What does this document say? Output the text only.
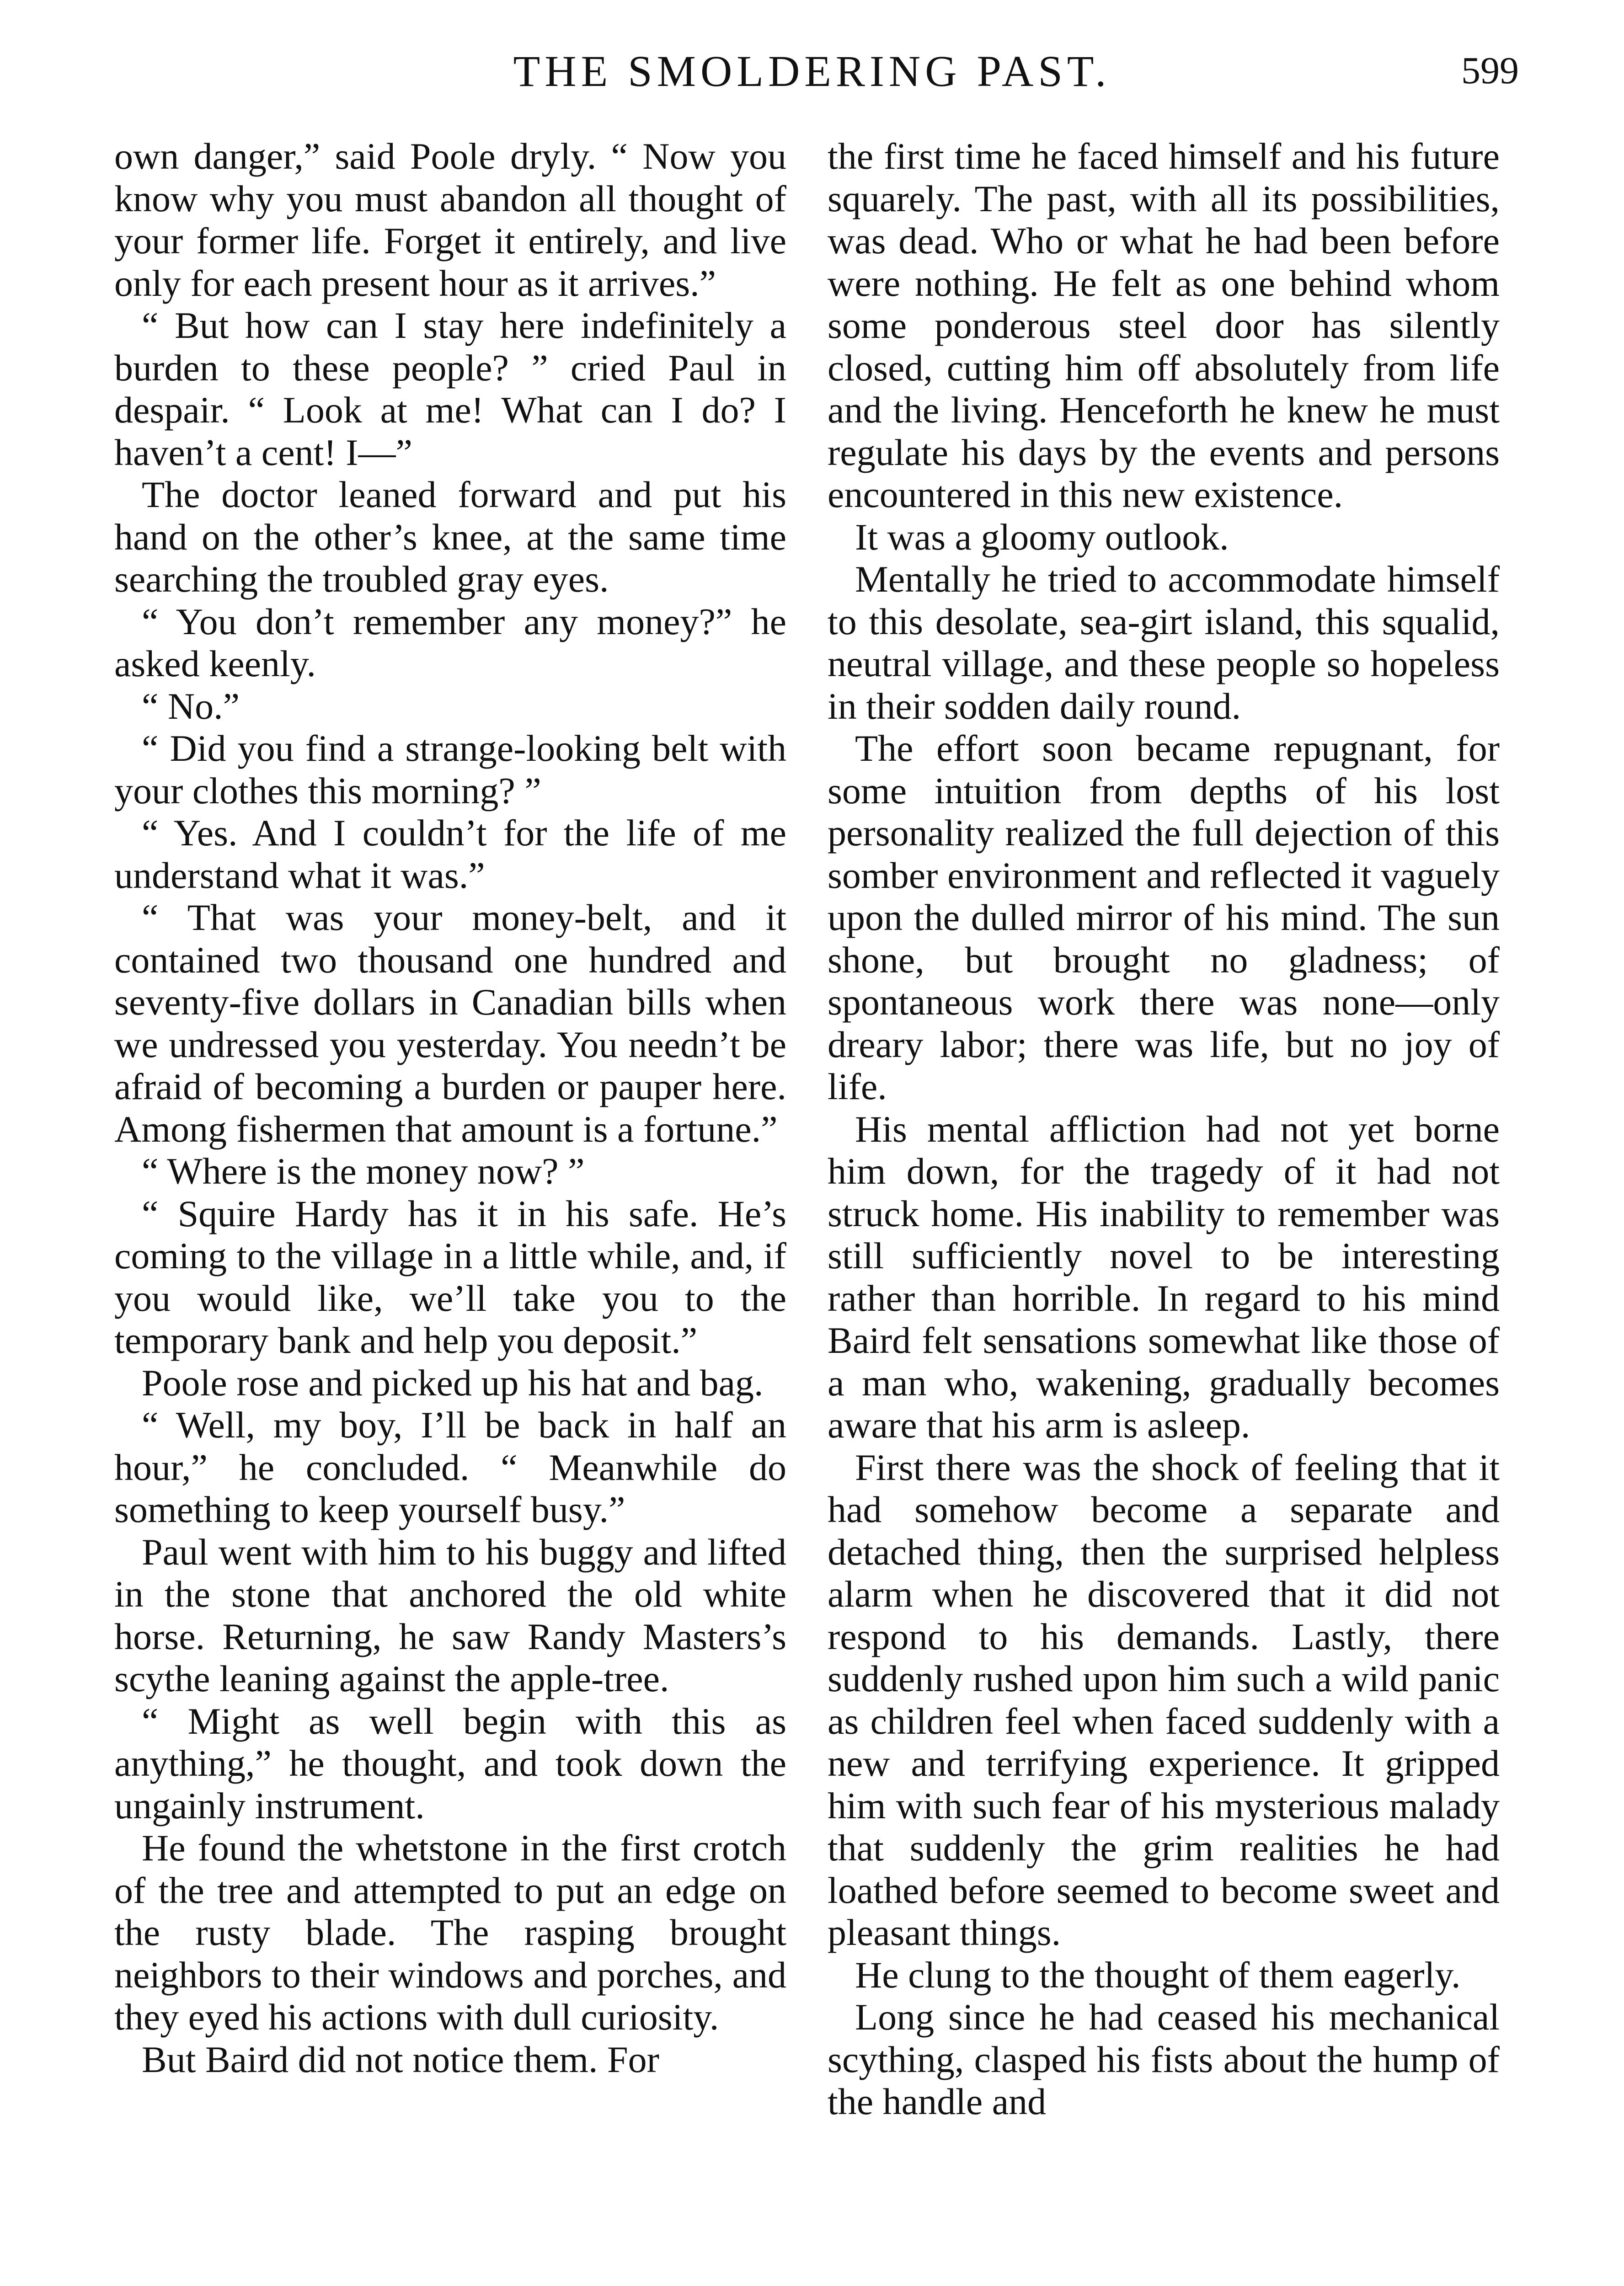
THE SMOLDERING PAST.	599

own danger,” said Poole dryly. “ Now you know why you must abandon all thought of your former life. Forget it entirely, and live only for each present hour as it arrives.”

“ But how can I stay here indefinitely a burden to these people? ” cried Paul in despair. “ Look at me! What can I do? I haven’t a cent! I—”

The doctor leaned forward and put his hand on the other’s knee, at the same time searching the troubled gray eyes.

“ You don’t remember any money?” he asked keenly.

“ No.”

“ Did you find a strange-looking belt with your clothes this morning? ”

“ Yes. And I couldn’t for the life of me understand what it was.”

“ That was your money-belt, and it contained two thousand one hundred and seventy-five dollars in Canadian bills when we undressed you yesterday. You needn’t be afraid of becoming a burden or pauper here. Among fishermen that amount is a fortune.”

“ Where is the money now? ”

“ Squire Hardy has it in his safe. He’s coming to the village in a little while, and, if you would like, we’ll take you to the temporary bank and help you deposit.”

Poole rose and picked up his hat and bag.

“ Well, my boy, I’ll be back in half an hour,” he concluded. “ Meanwhile do something to keep yourself busy.”

Paul went with him to his buggy and lifted in the stone that anchored the old white horse. Returning, he saw Randy Masters’s scythe leaning against the apple-tree.

“ Might as well begin with this as anything,” he thought, and took down the ungainly instrument.

He found the whetstone in the first crotch of the tree and attempted to put an edge on the rusty blade. The rasping brought neighbors to their windows and porches, and they eyed his actions with dull curiosity.

But Baird did not notice them. For

the first time he faced himself and his future squarely. The past, with all its possibilities, was dead. Who or what he had been before were nothing. He felt as one behind whom some ponderous steel door has silently closed, cutting him off absolutely from life and the living. Henceforth he knew he must regulate his days by the events and persons encountered in this new existence.

It was a gloomy outlook.

Mentally he tried to accommodate himself to this desolate, sea-girt island, this squalid, neutral village, and these people so hopeless in their sodden daily round.

The effort soon became repugnant, for some intuition from depths of his lost personality realized the full dejection of this somber environment and reflected it vaguely upon the dulled mirror of his mind. The sun shone, but brought no gladness; of spontaneous work there was none—only dreary labor; there was life, but no joy of life.

His mental affliction had not yet borne him down, for the tragedy of it had not struck home. His inability to remember was still sufficiently novel to be interesting rather than horrible. In regard to his mind Baird felt sensations somewhat like those of a man who, wakening, gradually becomes aware that his arm is asleep.

First there was the shock of feeling that it had somehow become a separate and detached thing, then the surprised helpless alarm when he discovered that it did not respond to his demands. Lastly, there suddenly rushed upon him such a wild panic as children feel when faced suddenly with a new and terrifying experience. It gripped him with such fear of his mysterious malady that suddenly the grim realities he had loathed before seemed to become sweet and pleasant things.

He clung to the thought of them eagerly.

Long since he had ceased his mechanical scything, clasped his fists about the hump of the handle and
